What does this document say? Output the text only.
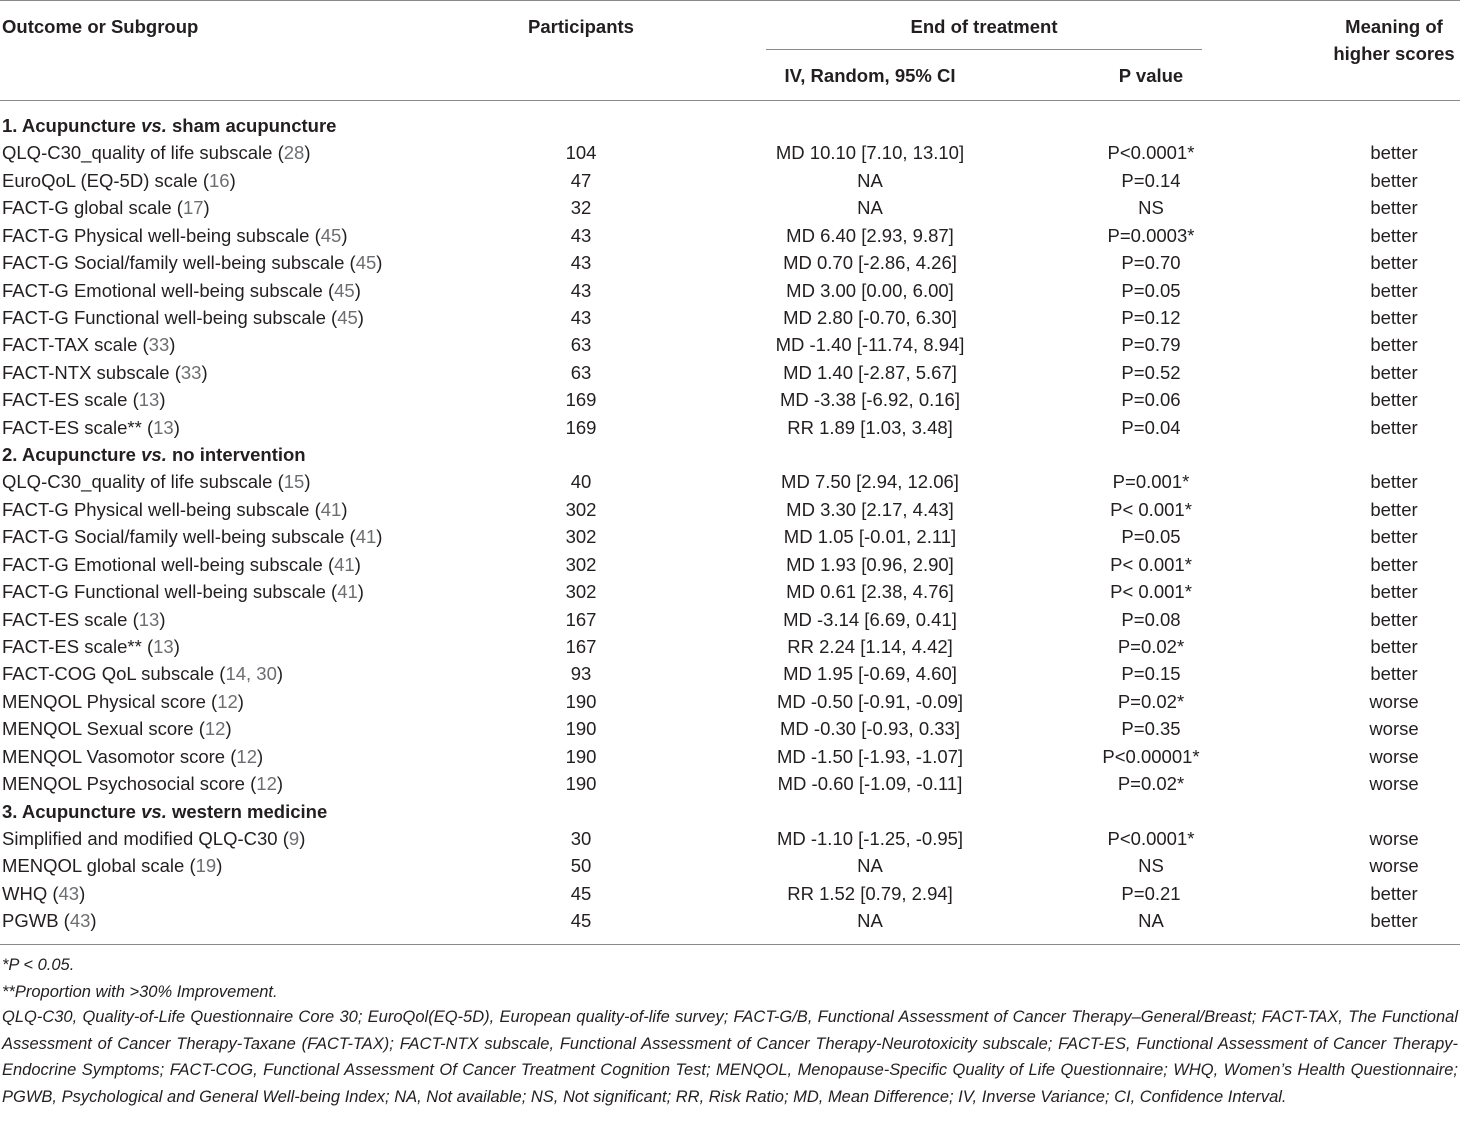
Outcome or Subgroup	Participants	End of treatment
IV, Random, 95% CI	P value
Meaning of
higher scores
1. Acupuncture vs. sham acupuncture
QLQ-C30_quality of life subscale (28)	104	MD 10.10 [7.10, 13.10]	P<0.0001*	better
EuroQoL (EQ-5D) scale (16)	47	NA	P=0.14	better
FACT-G global scale (17)	32	NA	NS	better
FACT-G Physical well-being subscale (45)	43	MD 6.40 [2.93, 9.87]	P=0.0003*	better
FACT-G Social/family well-being subscale (45)	43	MD 0.70 [-2.86, 4.26]	P=0.70	better
FACT-G Emotional well-being subscale (45)	43	MD 3.00 [0.00, 6.00]	P=0.05	better
FACT-G Functional well-being subscale (45)	43	MD 2.80 [-0.70, 6.30]	P=0.12	better
FACT-TAX scale (33)	63	MD -1.40 [-11.74, 8.94]	P=0.79	better
FACT-NTX subscale (33)	63	MD 1.40 [-2.87, 5.67]	P=0.52	better
FACT-ES scale (13)	169	MD -3.38 [-6.92, 0.16]	P=0.06	better
FACT-ES scale** (13)	169	RR 1.89 [1.03, 3.48]	P=0.04	better
2. Acupuncture vs. no intervention
QLQ-C30_quality of life subscale (15)	40	MD 7.50 [2.94, 12.06]	P=0.001*	better
FACT-G Physical well-being subscale (41)	302	MD 3.30 [2.17, 4.43]	P< 0.001*	better
FACT-G Social/family well-being subscale (41)	302	MD 1.05 [-0.01, 2.11]	P=0.05	better
FACT-G Emotional well-being subscale (41)	302	MD 1.93 [0.96, 2.90]	P< 0.001*	better
FACT-G Functional well-being subscale (41)	302	MD 0.61 [2.38, 4.76]	P< 0.001*	better
FACT-ES scale (13)	167	MD -3.14 [6.69, 0.41]	P=0.08	better
FACT-ES scale** (13)	167	RR 2.24 [1.14, 4.42]	P=0.02*	better
FACT-COG QoL subscale (14, 30)	93	MD 1.95 [-0.69, 4.60]	P=0.15	better
MENQOL Physical score (12)	190	MD -0.50 [-0.91, -0.09]	P=0.02*	worse
MENQOL Sexual score (12)	190	MD -0.30 [-0.93, 0.33]	P=0.35	worse
MENQOL Vasomotor score (12)	190	MD -1.50 [-1.93, -1.07]	P<0.00001*	worse
MENQOL Psychosocial score (12)	190	MD -0.60 [-1.09, -0.11]	P=0.02*	worse
3. Acupuncture vs. western medicine
Simplified and modified QLQ-C30 (9)	30	MD -1.10 [-1.25, -0.95]	P<0.0001*	worse
MENQOL global scale (19)	50	NA	NS	worse
WHQ (43)	45	RR 1.52 [0.79, 2.94]	P=0.21	better
PGWB (43)	45	NA	NA	better
*P < 0.05.
**Proportion with >30% Improvement.
QLQ-C30, Quality-of-Life Questionnaire Core 30; EuroQol(EQ-5D), European quality-of-life survey; FACT-G/B, Functional Assessment of Cancer Therapy–General/Breast; FACT-TAX, The Functional Assessment of Cancer Therapy-Taxane (FACT-TAX); FACT-NTX subscale, Functional Assessment of Cancer Therapy-Neurotoxicity subscale; FACT-ES, Functional Assessment of Cancer Therapy-Endocrine Symptoms; FACT-COG, Functional Assessment Of Cancer Treatment Cognition Test; MENQOL, Menopause-Specific Quality of Life Questionnaire; WHQ, Women’s Health Questionnaire; PGWB, Psychological and General Well-being Index; NA, Not available; NS, Not significant; RR, Risk Ratio; MD, Mean Difference; IV, Inverse Variance; CI, Confidence Interval.
